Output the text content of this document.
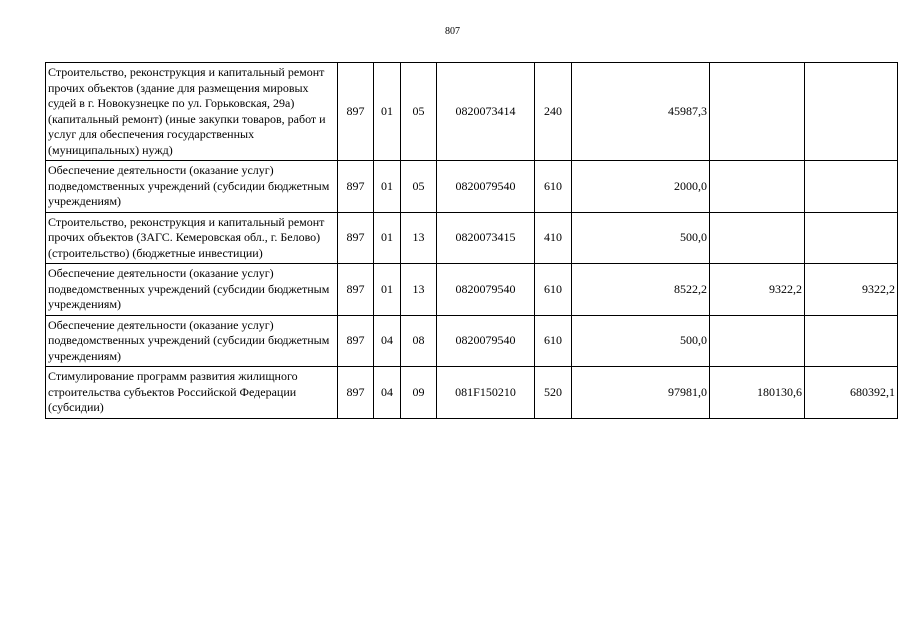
807
Строительство, реконструкция и капитальный ремонт прочих объектов (здание для размещения мировых судей в г. Новокузнецке по ул. Горьковская, 29а) (капитальный ремонт) (иные закупки товаров, работ и услуг для обеспечения государственных (муниципальных) нужд)	897	01	05	0820073414	240	45987,3		
Обеспечение деятельности (оказание услуг) подведомственных учреждений (субсидии бюджетным учреждениям)	897	01	05	0820079540	610	2000,0		
Строительство, реконструкция и капитальный ремонт прочих объектов (ЗАГС. Кемеровская обл., г. Белово) (строительство) (бюджетные инвестиции)	897	01	13	0820073415	410	500,0		
Обеспечение деятельности (оказание услуг) подведомственных учреждений (субсидии бюджетным учреждениям)	897	01	13	0820079540	610	8522,2	9322,2	9322,2
Обеспечение деятельности (оказание услуг) подведомственных учреждений (субсидии бюджетным учреждениям)	897	04	08	0820079540	610	500,0		
Стимулирование программ развития жилищного строительства субъектов Российской Федерации (субсидии)	897	04	09	081F150210	520	97981,0	180130,6	680392,1
